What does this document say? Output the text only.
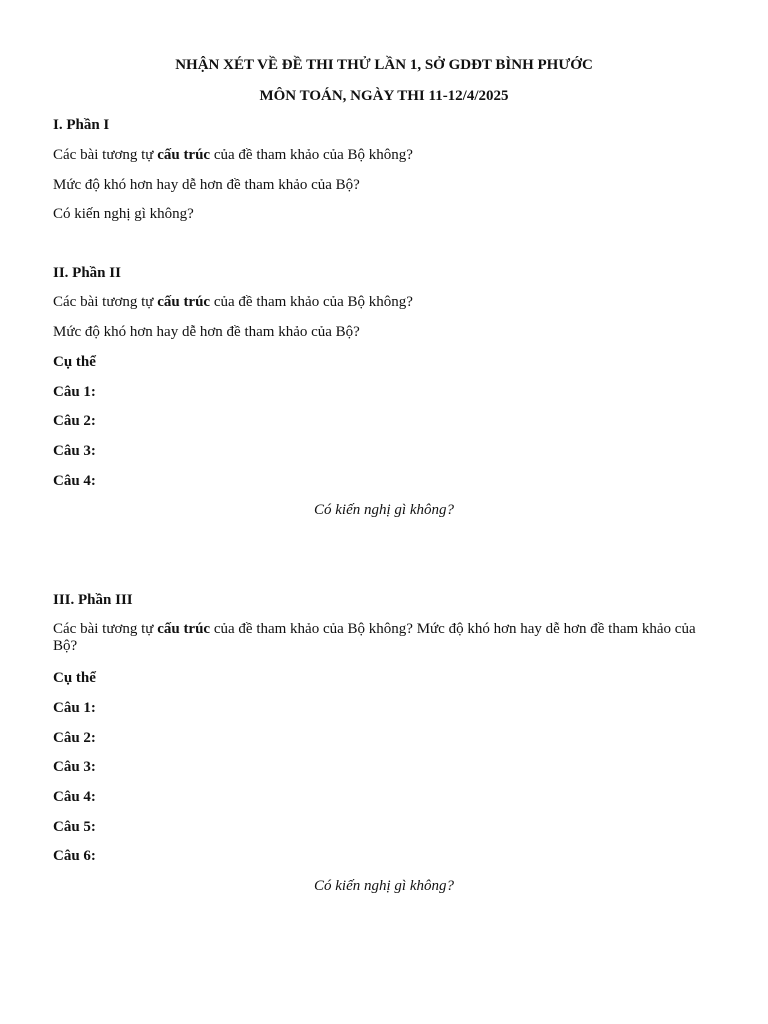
NHẬN XÉT VỀ ĐỀ THI THỬ LẦN 1, SỞ GDĐT BÌNH PHƯỚC
MÔN TOÁN, NGÀY THI 11-12/4/2025
I. Phần I
Các bài tương tự cấu trúc của đề tham khảo của Bộ không?
Mức độ khó hơn hay dễ hơn đề tham khảo của Bộ?
Có kiến nghị gì không?
II. Phần II
Các bài tương tự cấu trúc của đề tham khảo của Bộ không?
Mức độ khó hơn hay dễ hơn đề tham khảo của Bộ?
Cụ thể
Câu 1:
Câu 2:
Câu 3:
Câu 4:
Có kiến nghị gì không?
III. Phần III
Các bài tương tự cấu trúc của đề tham khảo của Bộ không? Mức độ khó hơn hay dễ hơn đề tham khảo của Bộ?
Cụ thể
Câu 1:
Câu 2:
Câu 3:
Câu 4:
Câu 5:
Câu 6:
Có kiến nghị gì không?
